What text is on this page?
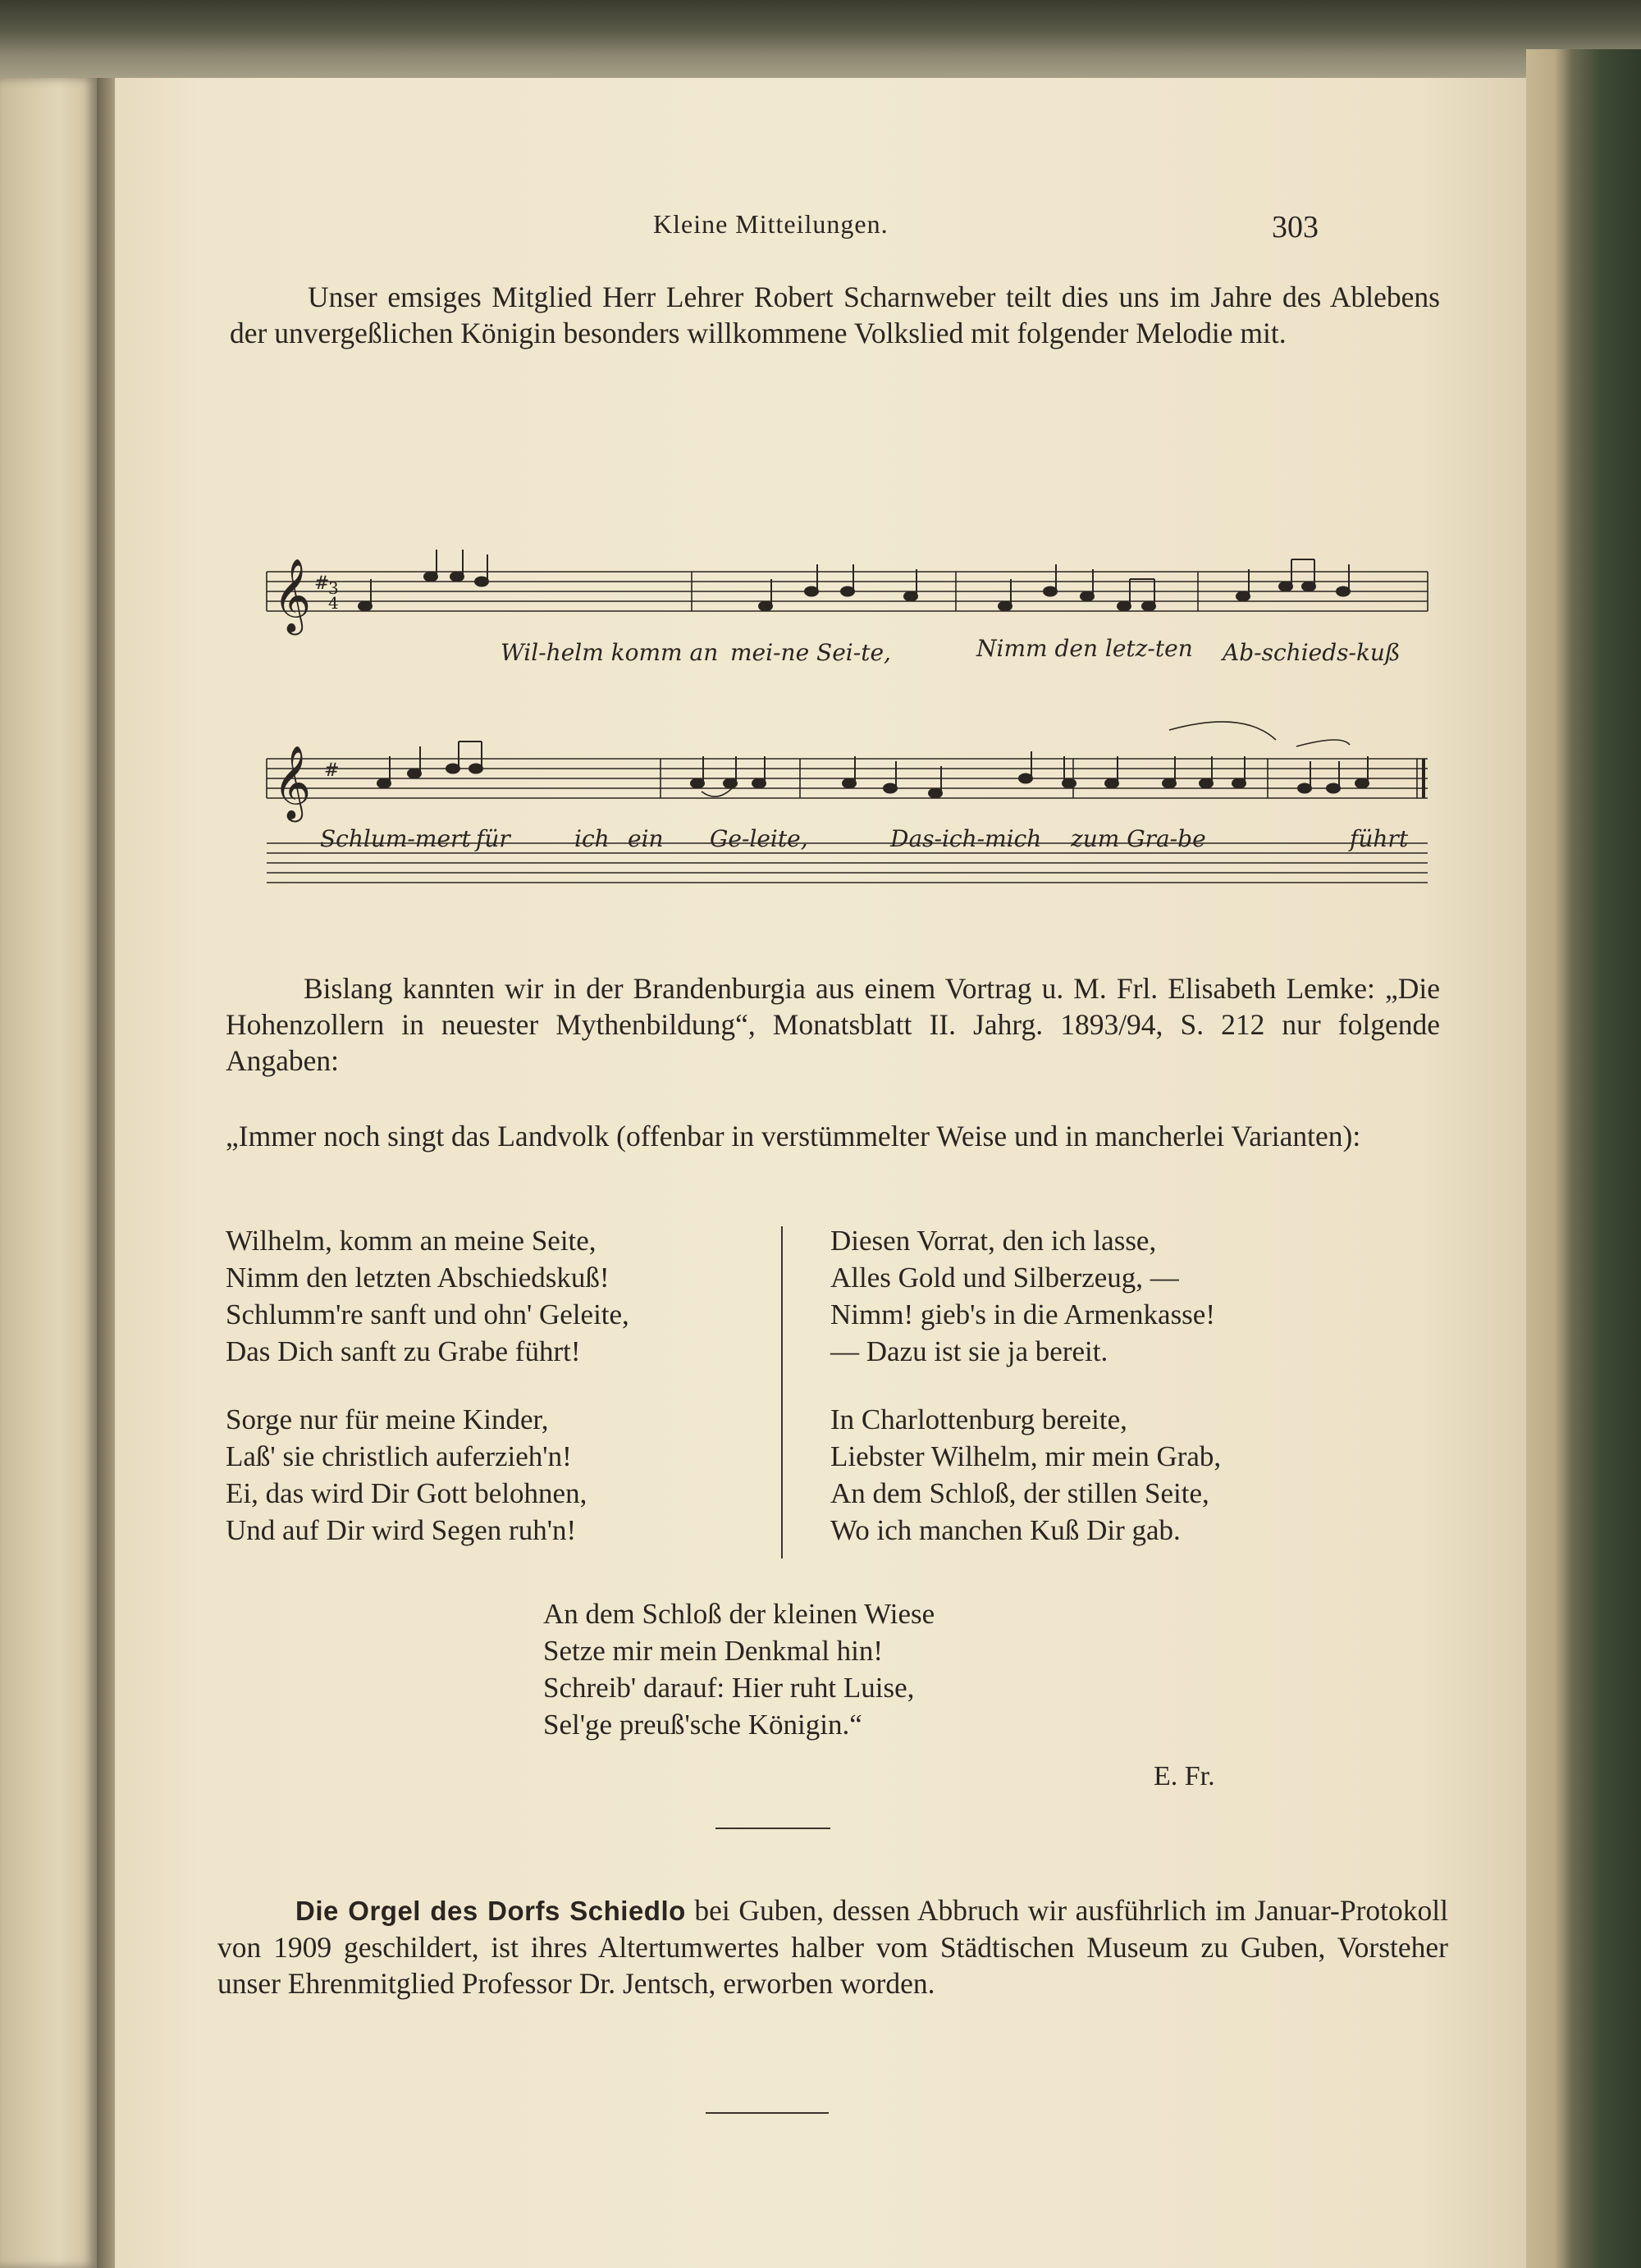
Kleine Mitteilungen.	303

Unser emsiges Mitglied Herr Lehrer Robert Scharnweber teilt dies uns im Jahre des Ablebens der unvergeßlichen Königin besonders willkommene Volkslied mit folgender Melodie mit.

𝄞 #
3
4
𝄞 #
Wil-helm komm an mei-ne Sei-te,	Nimm den letz-ten Ab-schieds-kuß
Schlum-mert für	ich ein Ge-leite,	Das-ich-mich zum Gra-be	führt

Bislang kannten wir in der Brandenburgia aus einem Vortrag u. M. Frl. Elisabeth Lemke: „Die Hohenzollern in neuester Mythenbildung“, Monatsblatt II. Jahrg. 1893/94, S. 212 nur folgende Angaben:

„Immer noch singt das Landvolk (offenbar in verstümmelter Weise und in mancherlei Varianten):

Wilhelm, komm an meine Seite,
Nimm den letzten Abschiedskuß!
Schlumm're sanft und ohn' Geleite,
Das Dich sanft zu Grabe führt!
Sorge nur für meine Kinder,
Laß' sie christlich auferzieh'n!
Ei, das wird Dir Gott belohnen,
Und auf Dir wird Segen ruh'n!
Diesen Vorrat, den ich lasse,
Alles Gold und Silberzeug, —
Nimm! gieb's in die Armenkasse!
— Dazu ist sie ja bereit.
In Charlottenburg bereite,
Liebster Wilhelm, mir mein Grab,
An dem Schloß, der stillen Seite,
Wo ich manchen Kuß Dir gab.
An dem Schloß der kleinen Wiese
Setze mir mein Denkmal hin!
Schreib' darauf: Hier ruht Luise,
Sel'ge preuß'sche Königin.“
E. Fr.

Die Orgel des Dorfs Schiedlo bei Guben, dessen Abbruch wir ausführlich im Januar-Protokoll von 1909 geschildert, ist ihres Altertumwertes halber vom Städtischen Museum zu Guben, Vorsteher unser Ehrenmitglied Professor Dr. Jentsch, erworben worden.
